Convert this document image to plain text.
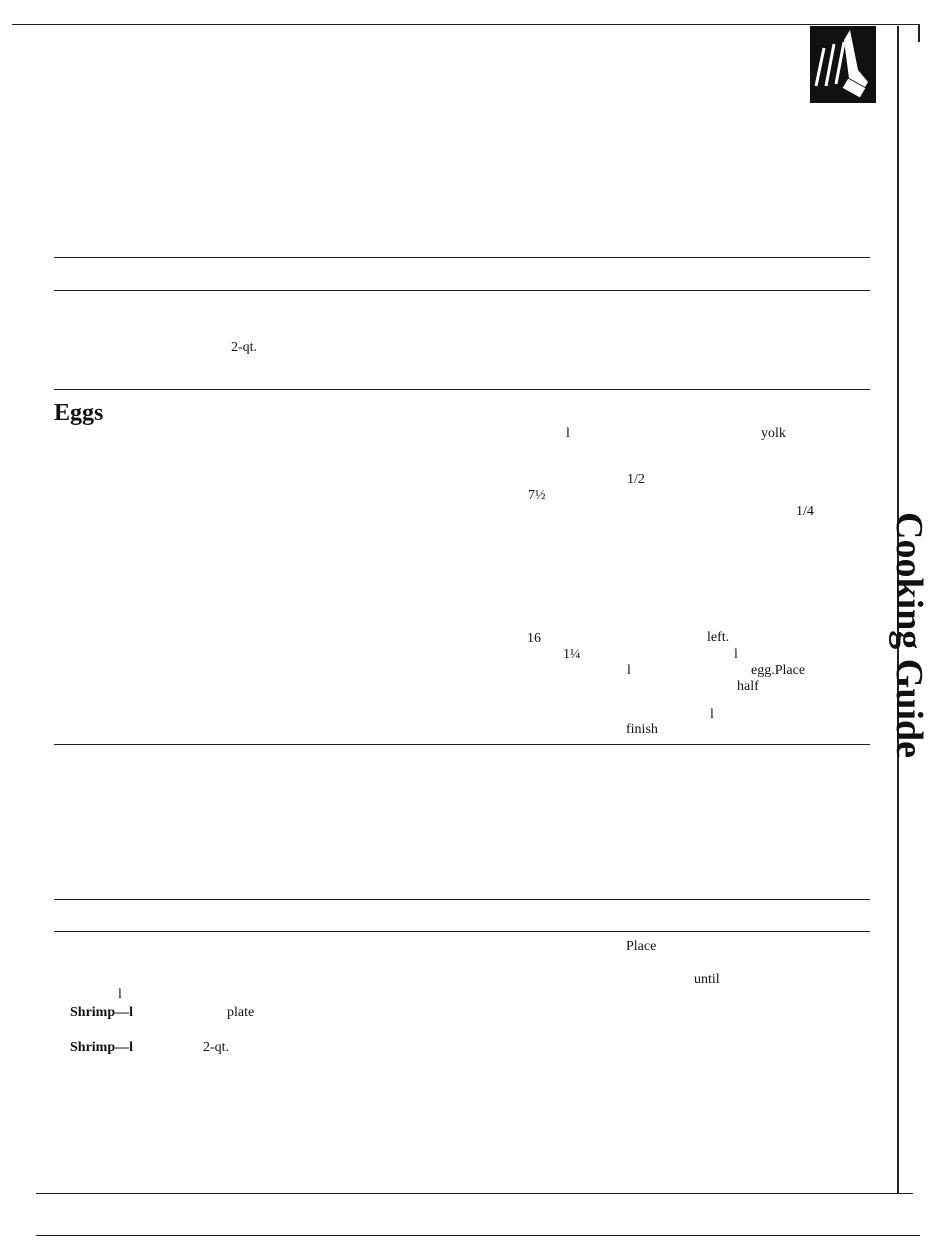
Cooking Guide
2-qt.
Eggs
l	yolk
1/2
7½
1/4
16	left.
1¼	l
l	egg.Place
half
l
finish
Place
until
l
Shrimp—l	plate
Shrimp—l	2-qt.
